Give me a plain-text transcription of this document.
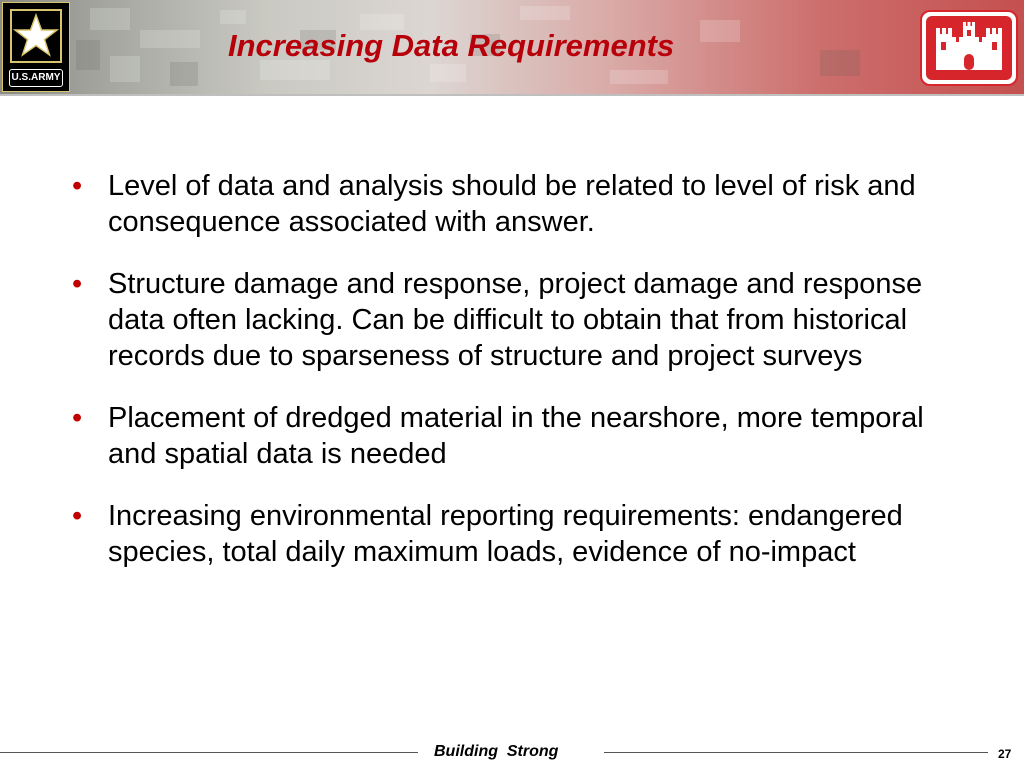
U.S.ARMY
Increasing Data Requirements
• Level of data and analysis should be related to level of risk and consequence associated with answer.
• Structure damage and response, project damage and response data often lacking. Can be difficult to obtain that from historical records due to sparseness of structure and project surveys
• Placement of dredged material in the nearshore, more temporal and spatial data is needed
• Increasing environmental reporting requirements: endangered species, total daily maximum loads, evidence of no-impact
Building  Strong	27
